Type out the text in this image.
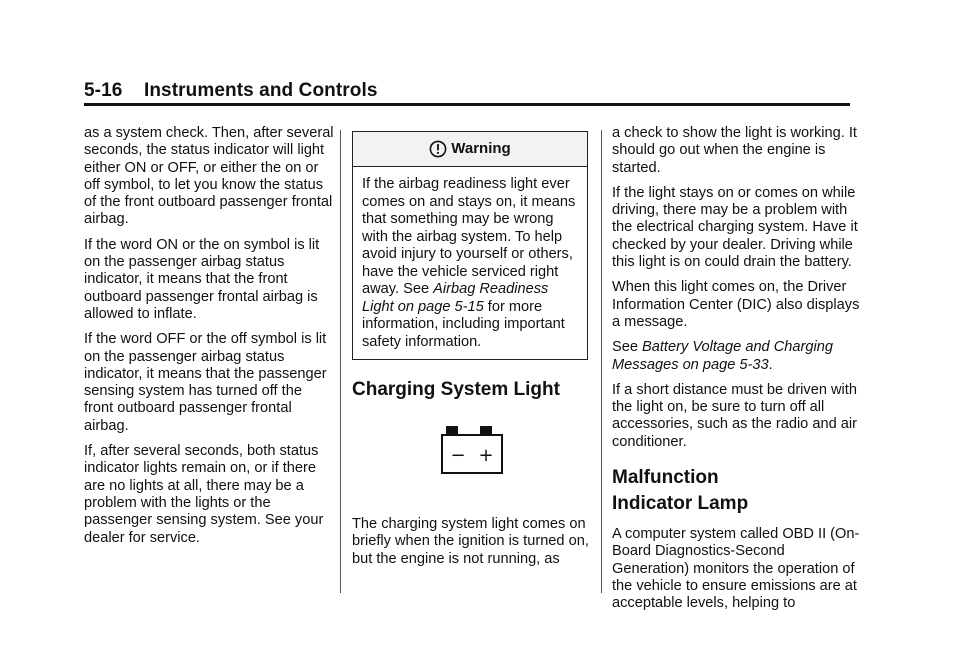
5-16 Instruments and Controls

as a system check. Then, after several seconds, the status indicator will light either ON or OFF, or either the on or off symbol, to let you know the status of the front outboard passenger frontal airbag.

If the word ON or the on symbol is lit on the passenger airbag status indicator, it means that the front outboard passenger frontal airbag is allowed to inflate.

If the word OFF or the off symbol is lit on the passenger airbag status indicator, it means that the passenger sensing system has turned off the front outboard passenger frontal airbag.

If, after several seconds, both status indicator lights remain on, or if there are no lights at all, there may be a problem with the lights or the passenger sensing system. See your dealer for service.

Warning
If the airbag readiness light ever comes on and stays on, it means that something may be wrong with the airbag system. To help avoid injury to yourself or others, have the vehicle serviced right away. See Airbag Readiness Light on page 5-15 for more information, including important safety information.
Charging System Light
− +

The charging system light comes on briefly when the ignition is turned on, but the engine is not running, as

a check to show the light is working. It should go out when the engine is started.

If the light stays on or comes on while driving, there may be a problem with the electrical charging system. Have it checked by your dealer. Driving while this light is on could drain the battery.

When this light comes on, the Driver Information Center (DIC) also displays a message.

See Battery Voltage and Charging Messages on page 5-33.

If a short distance must be driven with the light on, be sure to turn off all accessories, such as the radio and air conditioner.

Malfunction
Indicator Lamp

A computer system called OBD II (On-Board Diagnostics-Second Generation) monitors the operation of the vehicle to ensure emissions are at acceptable levels, helping to
